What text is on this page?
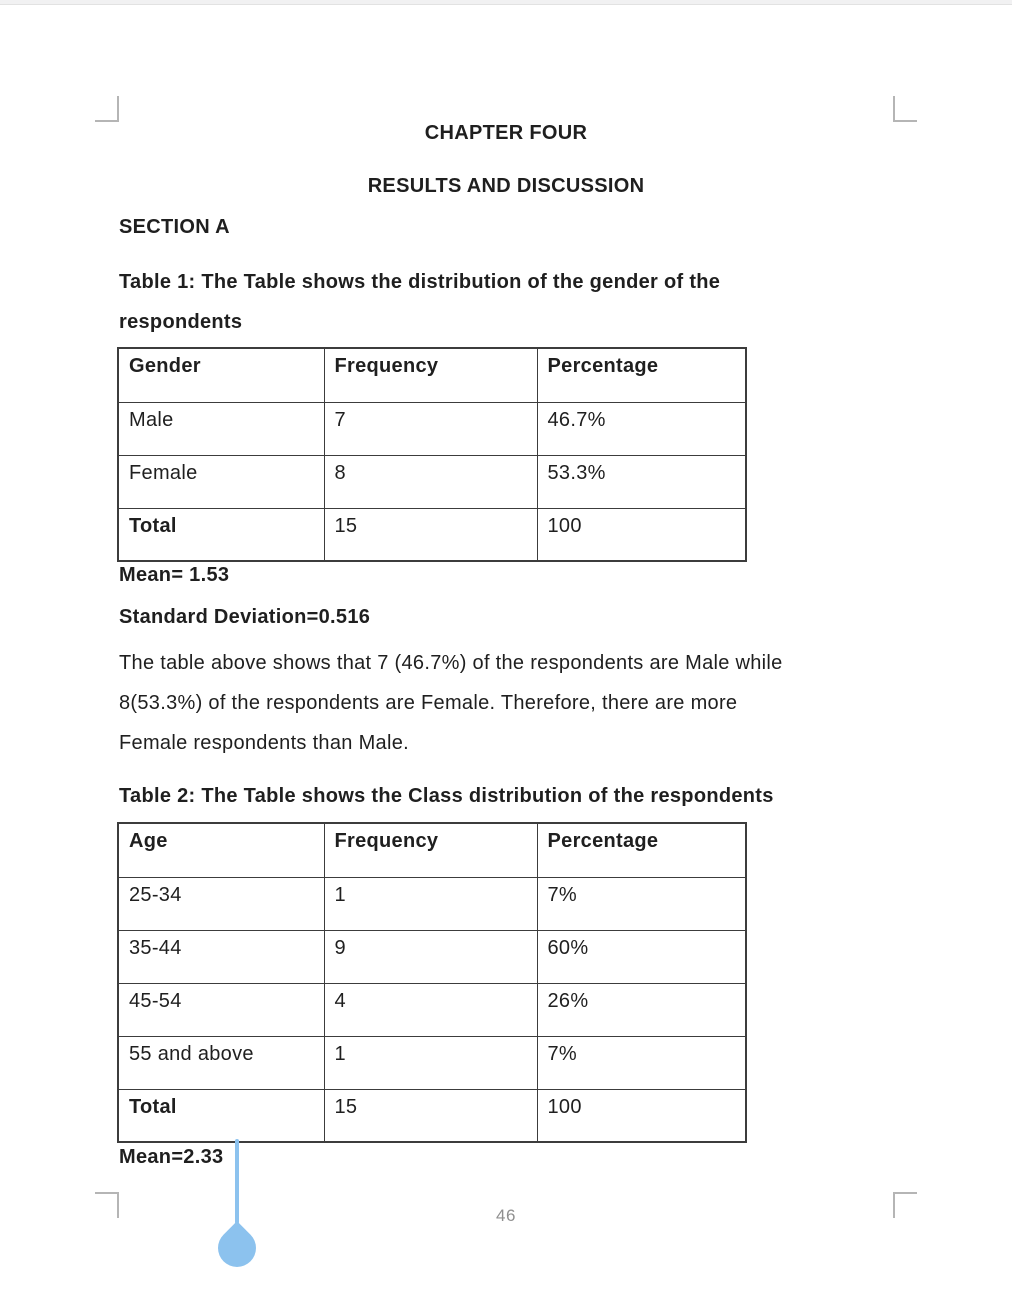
CHAPTER FOUR
RESULTS AND DISCUSSION
SECTION A
Table 1: The Table shows the distribution of the gender of the
respondents
Gender	Frequency	Percentage
Male	7	46.7%
Female	8	53.3%
Total	15	100
Mean= 1.53
Standard Deviation=0.516
The table above shows that 7 (46.7%) of the respondents are Male while
8(53.3%) of the respondents are Female. Therefore, there are more
Female respondents than Male.
Table 2: The Table shows the Class distribution of the respondents
Age	Frequency	Percentage
25-34	1	7%
35-44	9	60%
45-54	4	26%
55 and above	1	7%
Total	15	100
Mean=2.33
46
